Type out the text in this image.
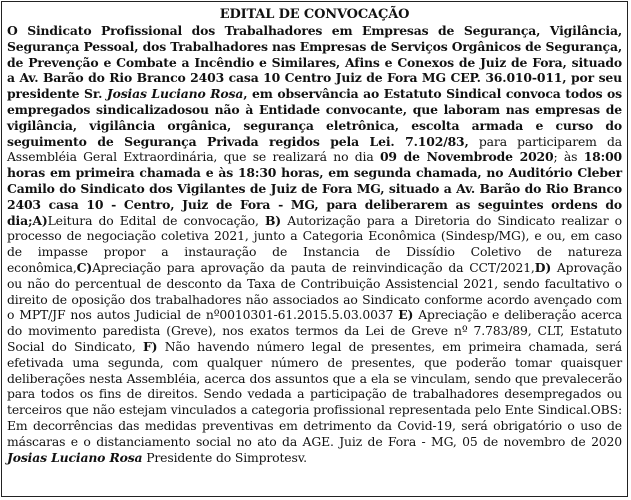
EDITAL DE CONVOCAÇÃO

O Sindicato Profissional dos Trabalhadores em Empresas de Segurança, Vigilância, Segurança Pessoal, dos Trabalhadores nas Empresas de Serviços Orgânicos de Segurança, de Prevenção e Combate a Incêndio e Similares, Afins e Conexos de Juiz de Fora, situado a Av. Barão do Rio Branco 2403 casa 10 Centro Juiz de Fora MG CEP. 36.010-011, por seu presidente Sr. Josias Luciano Rosa, em observância ao Estatuto Sindical convoca todos os empregados sindicalizadosou não à Entidade convocante, que laboram nas empresas de vigilância, vigilância orgânica, segurança eletrônica, escolta armada e curso do seguimento de Segurança Privada regidos pela Lei. 7.102/83, para participarem da Assembléia Geral Extraordinária, que se realizará no dia 09 de Novembrode 2020; às 18:00 horas em primeira chamada e às 18:30 horas, em segunda chamada, no Auditório Cleber Camilo do Sindicato dos Vigilantes de Juiz de Fora MG, situado a Av. Barão do Rio Branco 2403 casa 10 - Centro, Juiz de Fora - MG, para deliberarem as seguintes ordens do dia;A)Leitura do Edital de convocação, B) Autorização para a Diretoria do Sindicato realizar o processo de negociação coletiva 2021, junto a Categoria Econômica (Sindesp/MG), e ou, em caso de impasse propor a instauração de Instancia de Dissídio Coletivo de natureza econômica,C)Apreciação para aprovação da pauta de reinvindicação da CCT/2021,D) Aprovação ou não do percentual de desconto da Taxa de Contribuição Assistencial 2021, sendo facultativo o direito de oposição dos trabalhadores não associados ao Sindicato conforme acordo avençado com o MPT/JF nos autos Judicial de nº0010301-61.2015.5.03.0037 E) Apreciação e deliberação acerca do movimento paredista (Greve), nos exatos termos da Lei de Greve nº 7.783/89, CLT, Estatuto Social do Sindicato, F) Não havendo número legal de presentes, em primeira chamada, será efetivada uma segunda, com qualquer número de presentes, que poderão tomar quaisquer deliberações nesta Assembléia, acerca dos assuntos que a ela se vinculam, sendo que prevalecerão para todos os fins de direitos. Sendo vedada a participação de trabalhadores desempregados ou terceiros que não estejam vinculados a categoria profissional representada pelo Ente Sindical.OBS: Em decorrências das medidas preventivas em detrimento da Covid-19, será obrigatório o uso de máscaras e o distanciamento social no ato da AGE. Juiz de Fora - MG, 05 de novembro de 2020 Josias Luciano Rosa Presidente do Simprotesv.
